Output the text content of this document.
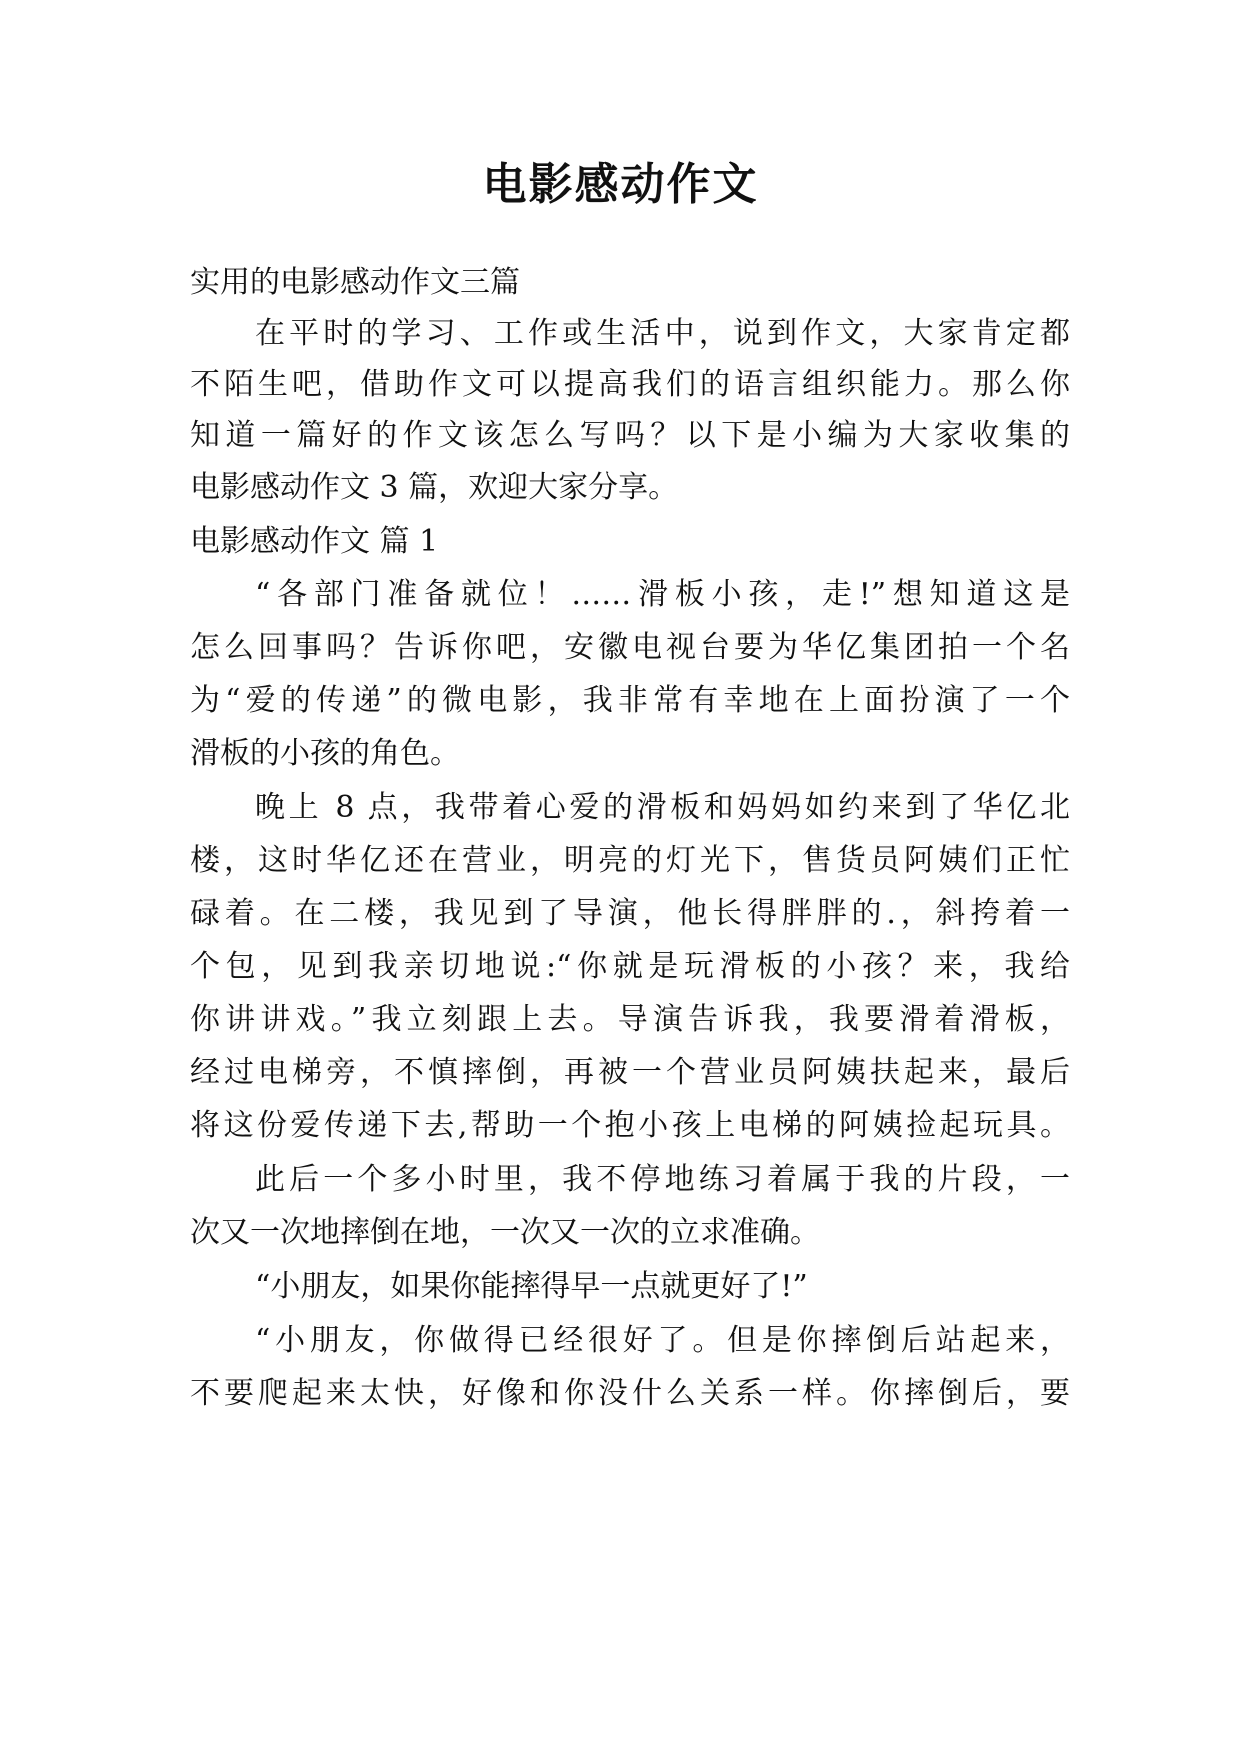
电影感动作文
实用的电影感动作文三篇
在平时的学习、工作或生活中，说到作文，大家肯定都
不陌生吧，借助作文可以提高我们的语言组织能力。那么你
知道一篇好的作文该怎么写吗？以下是小编为大家收集的
电影感动作文 3 篇，欢迎大家分享。
电影感动作文 篇 1
“各部门准备就位！……滑板小孩，走!”想知道这是
怎么回事吗？告诉你吧，安徽电视台要为华亿集团拍一个名
为“爱的传递”的微电影，我非常有幸地在上面扮演了一个
滑板的小孩的角色。
晚上 8 点，我带着心爱的滑板和妈妈如约来到了华亿北
楼，这时华亿还在营业，明亮的灯光下，售货员阿姨们正忙
碌着。在二楼，我见到了导演，他长得胖胖的.，斜挎着一
个包，见到我亲切地说:“你就是玩滑板的小孩？来，我给
你讲讲戏。”我立刻跟上去。导演告诉我，我要滑着滑板，
经过电梯旁，不慎摔倒，再被一个营业员阿姨扶起来，最后
将这份爱传递下去,帮助一个抱小孩上电梯的阿姨捡起玩具。
此后一个多小时里，我不停地练习着属于我的片段，一
次又一次地摔倒在地，一次又一次的立求准确。
“小朋友，如果你能摔得早一点就更好了!”
“小朋友，你做得已经很好了。但是你摔倒后站起来，
不要爬起来太快，好像和你没什么关系一样。你摔倒后，要
